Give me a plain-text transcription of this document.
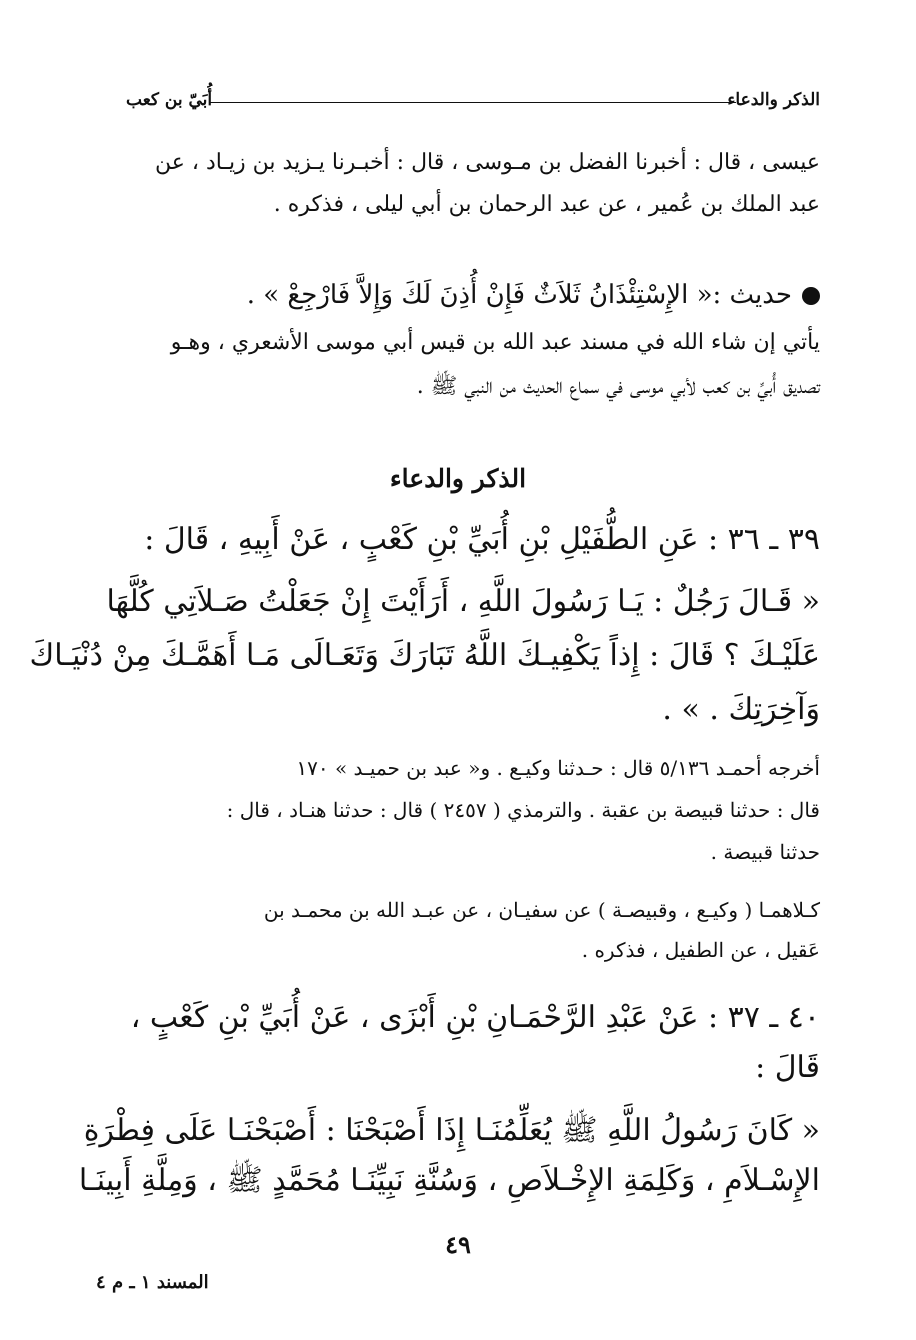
الذكر والدعاء
أُبَيّ بن كعب
عيسى ، قال : أخبرنا الفضل بن مـوسى ، قال : أخبـرنا يـزيد بن زيـاد ، عن
عبد الملك بن عُمير ، عن عبد الرحمان بن أبي ليلى ، فذكره .
حديث :« الإِسْتِئْذَانُ ثَلاَثٌ فَإِنْ أُذِنَ لَكَ وَإِلاَّ فَارْجِعْ » .
يأتي إن شاء الله في مسند عبد الله بن قيس أبي موسى الأشعري ، وهـو
تصديق أُبيِّ بن كعب لأبي موسى في سماع الحديث من النبي ﷺ .
الذكر والدعاء
٣٩ ـ ٣٦ : عَنِ الطُّفَيْلِ بْنِ أُبَيِّ بْنِ كَعْبٍ ، عَنْ أَبِيهِ ، قَالَ :
« قَـالَ رَجُلٌ : يَـا رَسُولَ اللَّهِ ، أَرَأَيْتَ إِنْ جَعَلْتُ صَـلاَتِي كُلَّهَا
عَلَيْـكَ ؟ قَالَ : إِذاً يَكْفِيـكَ اللَّهُ تَبَارَكَ وَتَعَـالَى مَـا أَهَمَّـكَ مِنْ دُنْيَـاكَ
وَآخِرَتِكَ . » .
أخرجه أحمـد ٥/١٣٦ قال : حـدثنا وكيـع . و« عبد بن حميـد » ١٧٠
قال : حدثنا قبيصة بن عقبة . والترمذي ( ٢٤٥٧ ) قال : حدثنا هنـاد ، قال :
حدثنا قبيصة .
كـلاهمـا ( وكيـع ، وقبيصـة ) عن سفيـان ، عن عبـد الله بن محمـد بن
عَقيل ، عن الطفيل ، فذكره .
٤٠ ـ ٣٧ : عَنْ عَبْدِ الرَّحْمَـانِ بْنِ أَبْزَى ، عَنْ أُبَيِّ بْنِ كَعْبٍ ،
قَالَ :
« كَانَ رَسُولُ اللَّهِ ﷺ يُعَلِّمُنَـا إِذَا أَصْبَحْنَا : أَصْبَحْنَـا عَلَى فِطْرَةِ
الإِسْـلاَمِ ، وَكَلِمَةِ الإِخْـلاَصِ ، وَسُنَّةِ نَبِيِّنَـا مُحَمَّدٍ ﷺ ، وَمِلَّةِ أَبِينَـا
٤٩
المسند ١ ـ م ٤
